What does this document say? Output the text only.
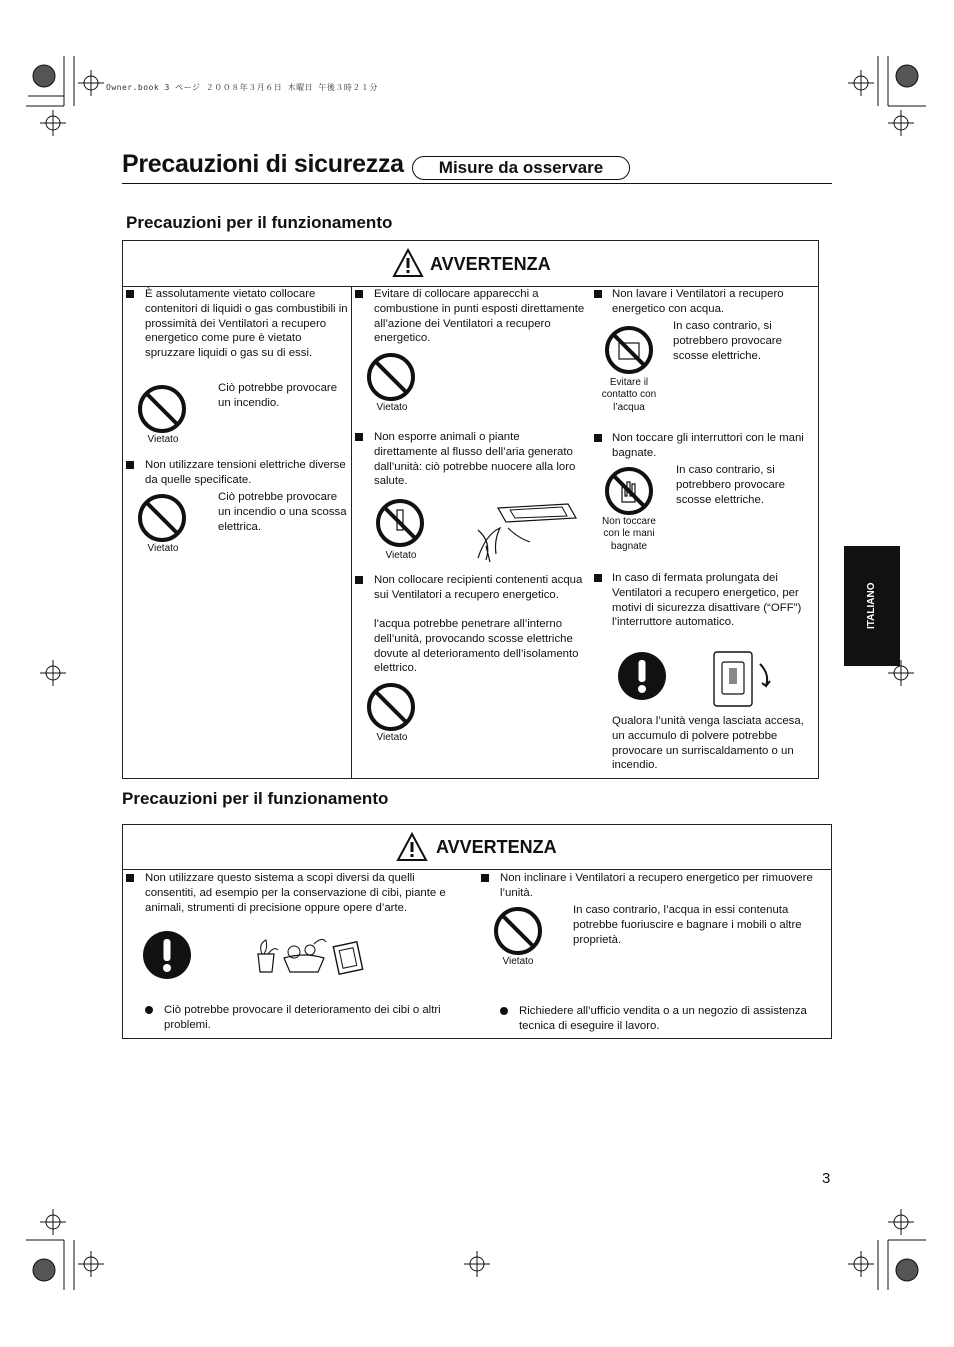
Owner.book 3 ページ ２００８年３月６日 木曜日 午後３時２１分
Precauzioni di sicurezza	Misure da osservare
ITALIANO
Precauzioni per il funzionamento
AVVERTENZA
È assolutamente vietato collocare contenitori di liquidi o gas combustibili in prossimità dei Ventilatori a recupero energetico come pure è vietato spruzzare liquidi o gas su di essi.
Vietato
Ciò potrebbe provocare un incendio.
Non utilizzare tensioni elettriche diverse da quelle specificate.
Vietato
Ciò potrebbe provocare un incendio o una scossa elettrica.
Evitare di collocare apparecchi a combustione in punti esposti direttamente all’azione dei Ventilatori a recupero energetico.
Vietato
Non esporre animali o piante direttamente al flusso dell’aria generato dall’unità: ciò potrebbe nuocere alla loro salute.
Vietato
Non collocare recipienti contenenti acqua sui Ventilatori a recupero energetico.
l’acqua potrebbe penetrare all’interno dell’unità, provocando scosse elettriche dovute al deterioramento dell’isolamento elettrico.
Vietato
Non lavare i Ventilatori a recupero energetico con acqua.
Evitare il contatto con l’acqua
In caso contrario, si potrebbero provocare scosse elettriche.
Non toccare gli interruttori con le mani bagnate.
Non toccare con le mani bagnate
In caso contrario, si potrebbero provocare scosse elettriche.
In caso di fermata prolungata dei Ventilatori a recupero energetico, per motivi di sicurezza disattivare (“OFF”) l’interruttore automatico.
Qualora l’unità venga lasciata accesa, un accumulo di polvere potrebbe provocare un surriscaldamento o un incendio.
Precauzioni per il funzionamento
AVVERTENZA
Non utilizzare questo sistema a scopi diversi da quelli consentiti, ad esempio per la conservazione di cibi, piante e animali, strumenti di precisione oppure opere d’arte.
Ciò potrebbe provocare il deterioramento dei cibi o altri problemi.
Non inclinare i Ventilatori a recupero energetico per rimuovere l’unità.
Vietato
In caso contrario, l’acqua in essi contenuta potrebbe fuoriuscire e bagnare i mobili o altre proprietà.
Richiedere all’ufficio vendita o a un negozio di assistenza tecnica di eseguire il lavoro.
3
